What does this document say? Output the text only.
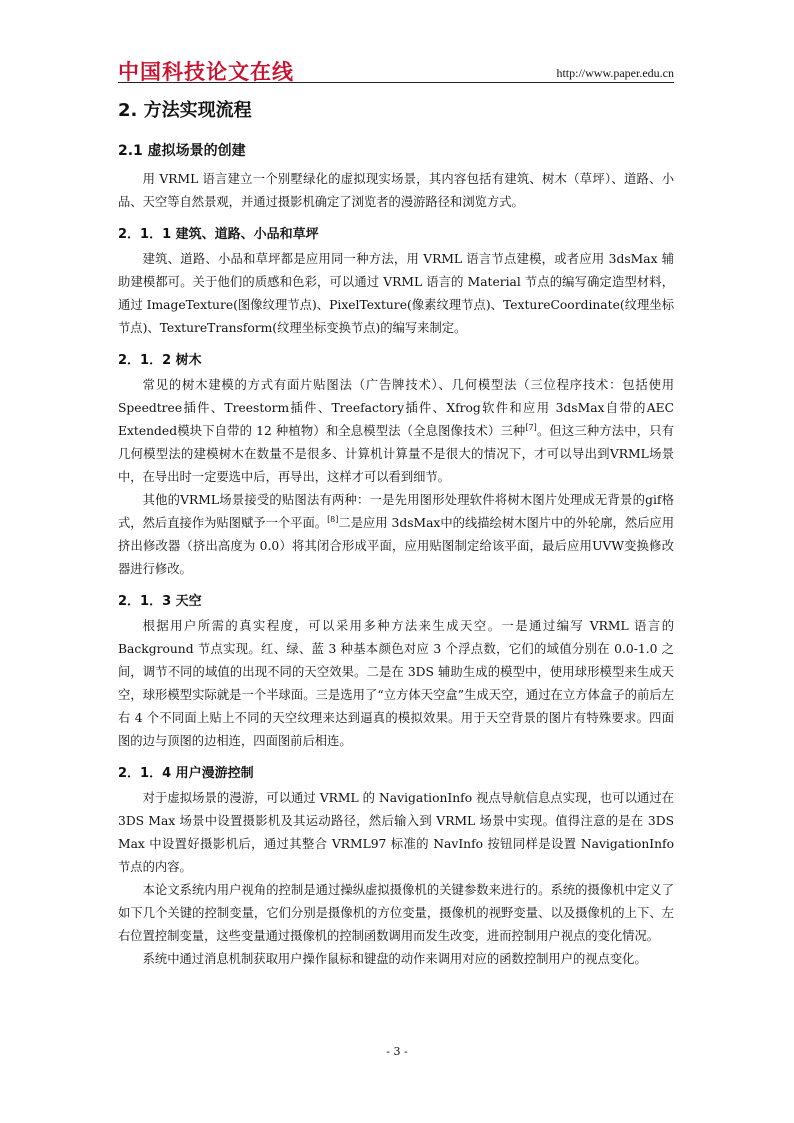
中国科技论文在线	http://www.paper.edu.cn
2. 方法实现流程
2.1 虚拟场景的创建

用 VRML 语言建立一个别墅绿化的虚拟现实场景，其内容包括有建筑、树木（草坪）、道路、小品、天空等自然景观，并通过摄影机确定了浏览者的漫游路径和浏览方式。

2．1．1 建筑、道路、小品和草坪

建筑、道路、小品和草坪都是应用同一种方法，用 VRML 语言节点建模，或者应用 3dsMax 辅助建模都可。关于他们的质感和色彩，可以通过 VRML 语言的 Material 节点的编写确定造型材料，通过 ImageTexture(图像纹理节点)、PixelTexture(像素纹理节点)、TextureCoordinate(纹理坐标节点)、TextureTransform(纹理坐标变换节点)的编写来制定。

2．1．2 树木

常见的树木建模的方式有面片贴图法（广告牌技术）、几何模型法（三位程序技术：包括使用Speedtree插件、Treestorm插件、Treefactory插件、Xfrog软件和应用 3dsMax自带的AEC Extended模块下自带的 12 种植物）和全息模型法（全息图像技术）三种[7]。但这三种方法中，只有几何模型法的建模树木在数量不是很多、计算机计算量不是很大的情况下，才可以导出到VRML场景中，在导出时一定要选中后，再导出，这样才可以看到细节。

其他的VRML场景接受的贴图法有两种：一是先用图形处理软件将树木图片处理成无背景的gif格式，然后直接作为贴图赋予一个平面。[8]二是应用 3dsMax中的线描绘树木图片中的外轮廓，然后应用挤出修改器（挤出高度为 0.0）将其闭合形成平面，应用贴图制定给该平面，最后应用UVW变换修改器进行修改。

2．1．3 天空

根据用户所需的真实程度，可以采用多种方法来生成天空。一是通过编写 VRML 语言的 Background 节点实现。红、绿、蓝 3 种基本颜色对应 3 个浮点数，它们的域值分别在 0.0-1.0 之间，调节不同的域值的出现不同的天空效果。二是在 3DS 辅助生成的模型中，使用球形模型来生成天空，球形模型实际就是一个半球面。三是选用了“立方体天空盒”生成天空，通过在立方体盒子的前后左右 4 个不同面上贴上不同的天空纹理来达到逼真的模拟效果。用于天空背景的图片有特殊要求。四面图的边与顶图的边相连，四面图前后相连。

2．1．4 用户漫游控制

对于虚拟场景的漫游，可以通过 VRML 的 NavigationInfo 视点导航信息点实现，也可以通过在 3DS Max 场景中设置摄影机及其运动路径，然后输入到 VRML 场景中实现。值得注意的是在 3DS Max 中设置好摄影机后，通过其整合 VRML97 标准的 NavInfo 按钮同样是设置 NavigationInfo 节点的内容。

本论文系统内用户视角的控制是通过操纵虚拟摄像机的关键参数来进行的。系统的摄像机中定义了如下几个关键的控制变量，它们分别是摄像机的方位变量，摄像机的视野变量、以及摄像机的上下、左右位置控制变量，这些变量通过摄像机的控制函数调用而发生改变，进而控制用户视点的变化情况。

系统中通过消息机制获取用户操作鼠标和键盘的动作来调用对应的函数控制用户的视点变化。

- 3 -
